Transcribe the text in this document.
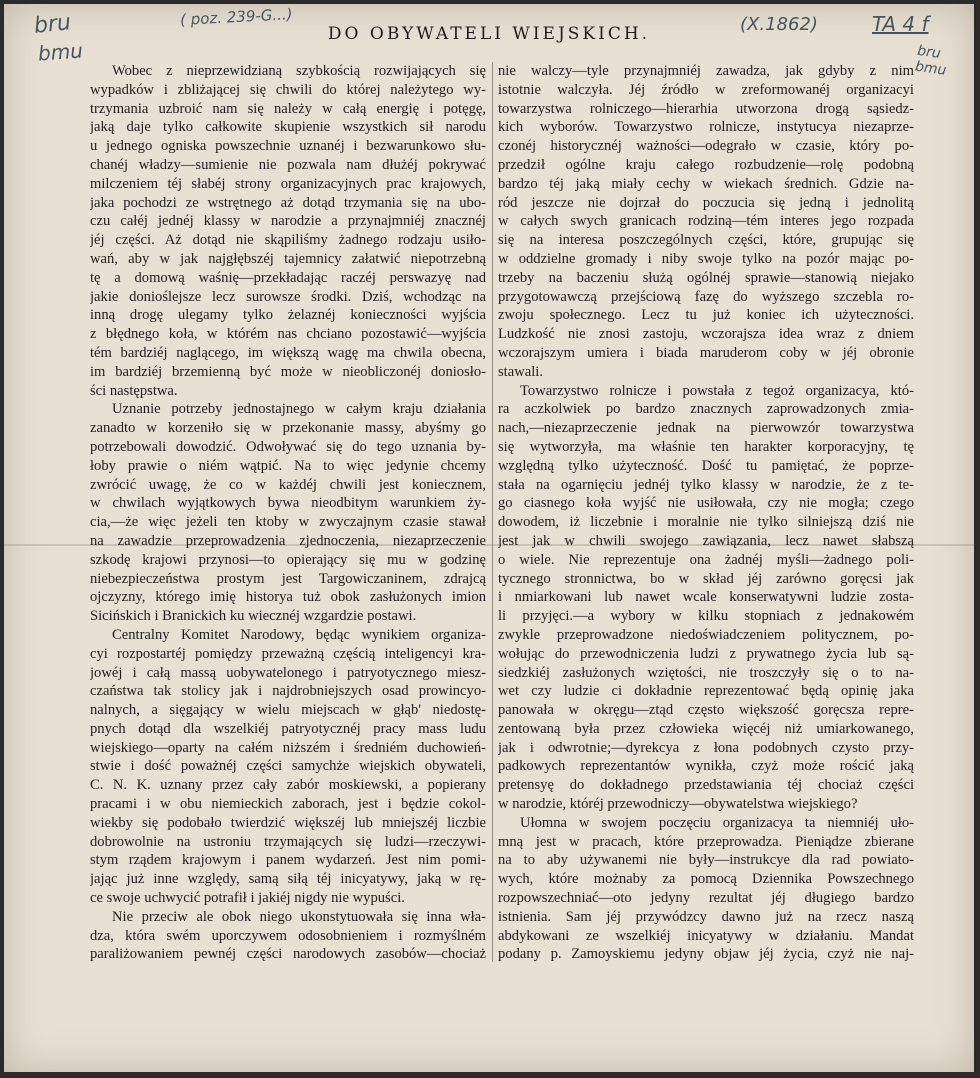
bru
bmu
( poz. 239-G...)	(X.1862)	TA 4 f
bru bmu
DO OBYWATELI WIEJSKICH.
Wobec z nieprzewidzianą szybkością rozwijających się
wypadków i zbliżającej się chwili do której należytego wy-
trzymania uzbroić nam się należy w całą energię i potęgę,
jaką daje tylko całkowite skupienie wszystkich sił narodu
u jednego ogniska powszechnie uznanéj i bezwarunkowo słu-
chanéj władzy—sumienie nie pozwala nam dłużéj pokrywać
milczeniem téj słabéj strony organizacyjnych prac krajowych,
jaka pochodzi ze wstrętnego aż dotąd trzymania się na ubo-
czu całéj jednéj klassy w narodzie a przynajmniéj znacznéj
jéj części. Aż dotąd nie skąpiliśmy żadnego rodzaju usiło-
wań, aby w jak najgłębszéj tajemnicy załatwić niepotrzebną
tę a domową waśnię—przekładając raczéj perswazyę nad
jakie donioślejsze lecz surowsze środki. Dziś, wchodząc na
inną drogę ulegamy tylko żelaznéj konieczności wyjścia
z błędnego koła, w którém nas chciano pozostawić—wyjścia
tém bardziéj naglącego, im większą wagę ma chwila obecna,
im bardziéj brzemienną być może w nieobliczonéj doniosło-
ści następstwa.
Uznanie potrzeby jednostajnego w całym kraju działania
zanadto w korzeniło się w przekonanie massy, abyśmy go
potrzebowali dowodzić. Odwoływać się do tego uznania by-
łoby prawie o niém wątpić. Na to więc jedynie chcemy
zwrócić uwagę, że co w każdéj chwili jest koniecznem,
w chwilach wyjątkowych bywa nieodbitym warunkiem ży-
cia,—że więc jeżeli ten ktoby w zwyczajnym czasie stawał
na zawadzie przeprowadzenia zjednoczenia, niezaprzeczenie
szkodę krajowi przynosi—to opierający się mu w godzinę
niebezpieczeństwa prostym jest Targowiczaninem, zdrajcą
ojczyzny, którego imię historya tuż obok zasłużonych imion
Sicińskich i Branickich ku wiecznéj wzgardzie postawi.
Centralny Komitet Narodowy, będąc wynikiem organiza-
cyi rozpostartéj pomiędzy przeważną częścią inteligencyi kra-
jowéj i całą massą uobywatelonego i patryotycznego miesz-
czaństwa tak stolicy jak i najdrobniejszych osad prowincyo-
nalnych, a sięgający w wielu miejscach w głąb' niedostę-
pnych dotąd dla wszelkiéj patryotycznéj pracy mass ludu
wiejskiego—oparty na całém niższém i średniém duchowień-
stwie i dość poważnéj części samychże wiejskich obywateli,
C. N. K. uznany przez cały zabór moskiewski, a popierany
pracami i w obu niemieckich zaborach, jest i będzie cokol-
wiekby się podobało twierdzić większéj lub mniejszéj liczbie
dobrowolnie na ustroniu trzymających się ludzi—rzeczywi-
stym rządem krajowym i panem wydarzeń. Jest nim pomi-
jając już inne względy, samą siłą téj inicyatywy, jaką w rę-
ce swoje uchwycić potrafił i jakiéj nigdy nie wypuści.
Nie przeciw ale obok niego ukonstytuowała się inna wła-
dza, która swém uporczywem odosobnieniem i rozmyślném
paraliżowaniem pewnéj części narodowych zasobów—chociaż
nie walczy—tyle przynajmniéj zawadza, jak gdyby z nim
istotnie walczyła. Jéj źródło w zreformowanéj organizacyi
towarzystwa rolniczego—hierarhia utworzona drogą sąsiedz-
kich wyborów. Towarzystwo rolnicze, instytucya niezaprze-
czonéj historycznéj ważności—odegrało w czasie, który po-
przedził ogólne kraju całego rozbudzenie—rolę podobną
bardzo téj jaką miały cechy w wiekach średnich. Gdzie na-
ród jeszcze nie dojrzał do poczucia się jedną i jednolitą
w całych swych granicach rodziną—tém interes jego rozpada
się na interesa poszczególnych części, które, grupując się
w oddzielne gromady i niby swoje tylko na pozór mając po-
trzeby na baczeniu służą ogólnéj sprawie—stanowią niejako
przygotowawczą przejściową fazę do wyższego szczebla ro-
zwoju społecznego. Lecz tu już koniec ich użyteczności.
Ludzkość nie znosi zastoju, wczorajsza idea wraz z dniem
wczorajszym umiera i biada maruderom coby w jéj obronie
stawali.
Towarzystwo rolnicze i powstała z tegoż organizacya, któ-
ra aczkolwiek po bardzo znacznych zaprowadzonych zmia-
nach,—niezaprzeczenie jednak na pierwowzór towarzystwa
się wytworzyła, ma właśnie ten harakter korporacyjny, tę
względną tylko użyteczność. Dość tu pamiętać, że poprze-
stała na ogarnięciu jednéj tylko klassy w narodzie, że z te-
go ciasnego koła wyjść nie usiłowała, czy nie mogła; czego
dowodem, iż liczebnie i moralnie nie tylko silniejszą dziś nie
jest jak w chwili swojego zawiązania, lecz nawet słabszą
o wiele. Nie reprezentuje ona żadnéj myśli—żadnego poli-
tycznego stronnictwa, bo w skład jéj zarówno goręcsi jak
i nmiarkowani lub nawet wcale konserwatywni ludzie zosta-
li przyjęci.—a wybory w kilku stopniach z jednakowém
zwykle przeprowadzone niedoświadczeniem politycznem, po-
wołując do przewodniczenia ludzi z prywatnego życia lub są-
siedzkiéj zasłużonych wziętości, nie troszczyły się o to na-
wet czy ludzie ci dokładnie reprezentować będą opinię jaka
panowała w okręgu—ztąd często większość goręcsza repre-
zentowaną była przez człowieka więcéj niż umiarkowanego,
jak i odwrotnie;—dyrekcya z łona podobnych czysto przy-
padkowych reprezentantów wynikła, czyż może rościć jaką
pretensyę do dokładnego przedstawiania téj chociaż części
w narodzie, któréj przewodniczy—obywatelstwa wiejskiego?
Ułomna w swojem poczęciu organizacya ta niemniéj uło-
mną jest w pracach, które przeprowadza. Pieniądze zbierane
na to aby używanemi nie były—instrukcye dla rad powiato-
wych, które możnaby za pomocą Dziennika Powszechnego
rozpowszechniać—oto jedyny rezultat jéj długiego bardzo
istnienia. Sam jéj przywódzcy dawno już na rzecz naszą
abdykowani ze wszelkiéj inicyatywy w działaniu. Mandat
podany p. Zamoyskiemu jedyny objaw jéj życia, czyż nie naj-
